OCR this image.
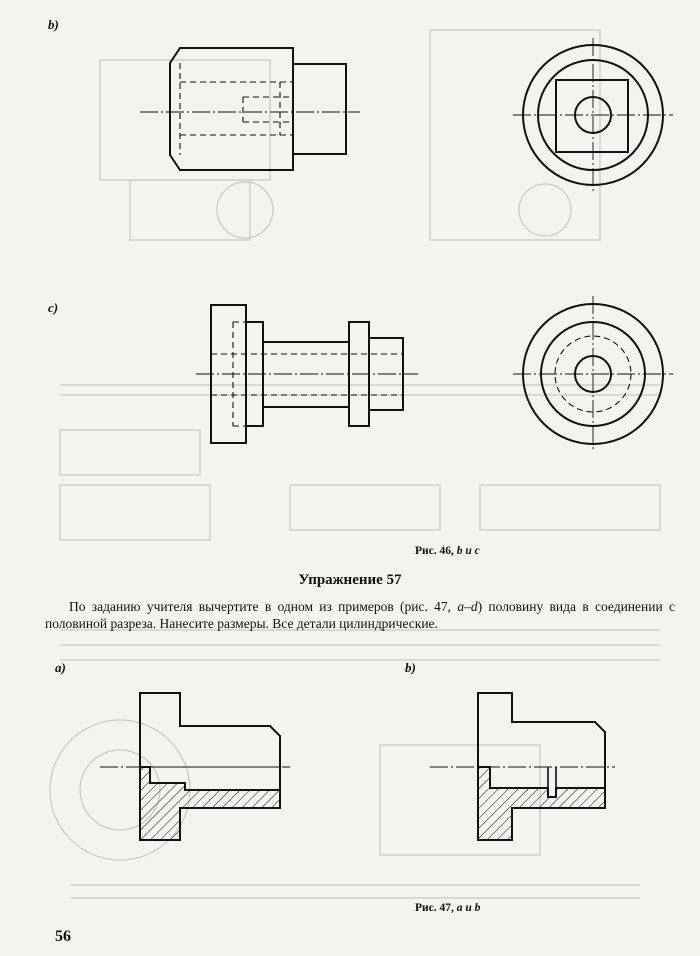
b)
c)
Рис. 46, b и c
Упражнение 57
По заданию учителя вычертите в одном из примеров (рис. 47, a–d) половину вида в соединении с половиной разреза. Нанесите размеры. Все детали цилиндрические.
a)	b)
Рис. 47, a и b
56
